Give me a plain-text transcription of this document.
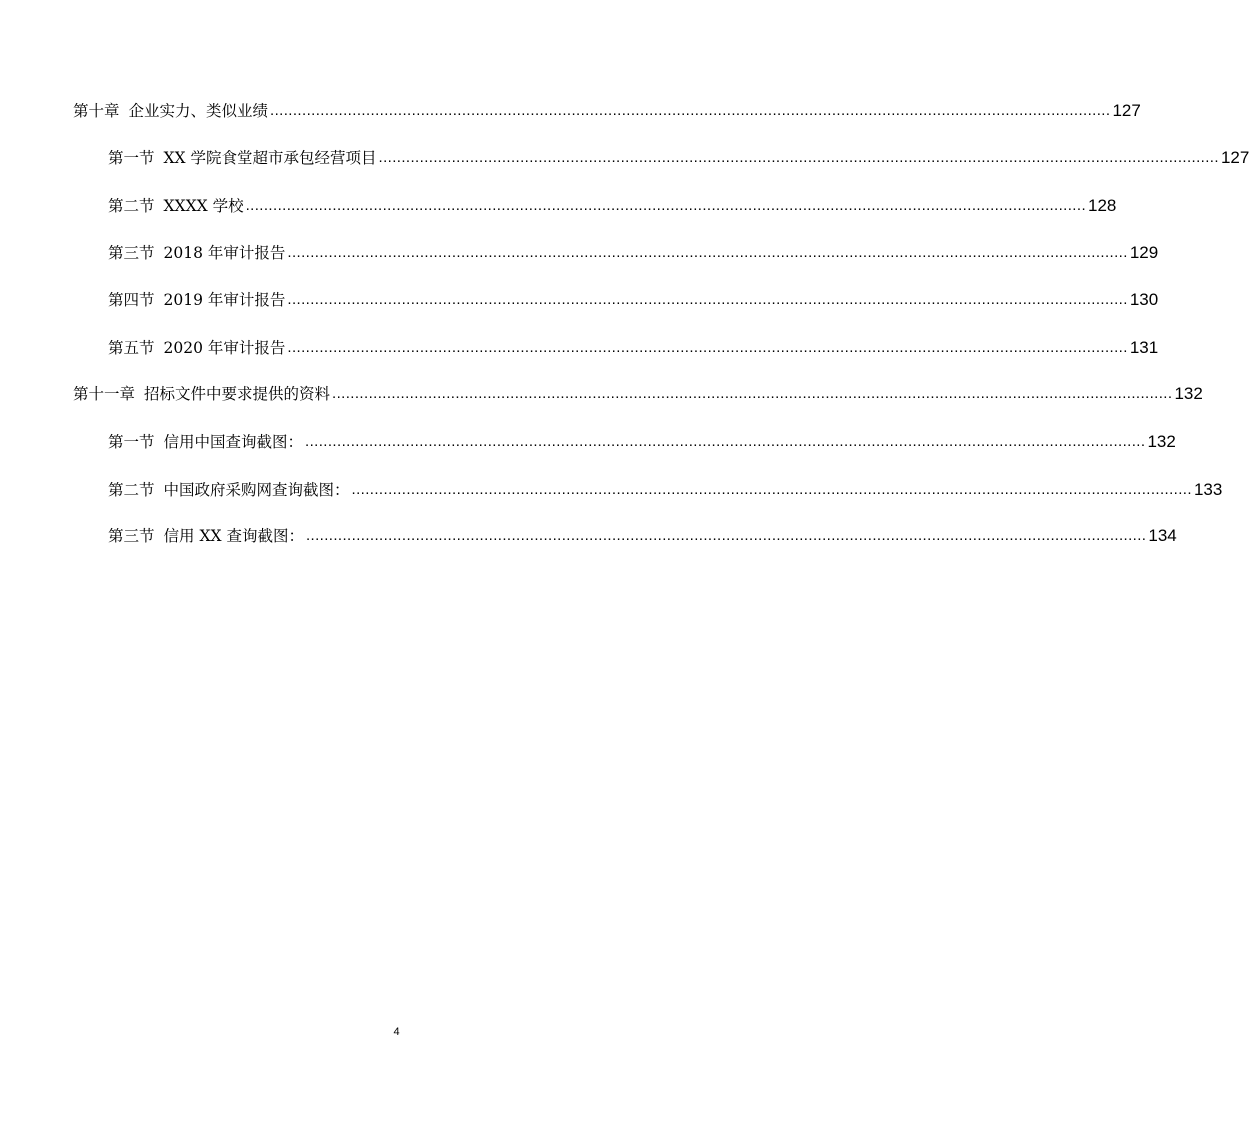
第十章 企业实力、类似业绩 ........................................................................................................................................................................................ 127
第一节 XX 学院食堂超市承包经营项目 ........................................................................................................................................................................................ 127
第二节 XXXX 学校 ........................................................................................................................................................................................ 128
第三节 2018 年审计报告 ........................................................................................................................................................................................ 129
第四节 2019 年审计报告 ........................................................................................................................................................................................ 130
第五节 2020 年审计报告 ........................................................................................................................................................................................ 131
第十一章 招标文件中要求提供的资料 ........................................................................................................................................................................................ 132
第一节 信用中国查询截图： ........................................................................................................................................................................................ 132
第二节 中国政府采购网查询截图： ........................................................................................................................................................................................ 133
第三节 信用 XX 查询截图： ........................................................................................................................................................................................ 134
4
